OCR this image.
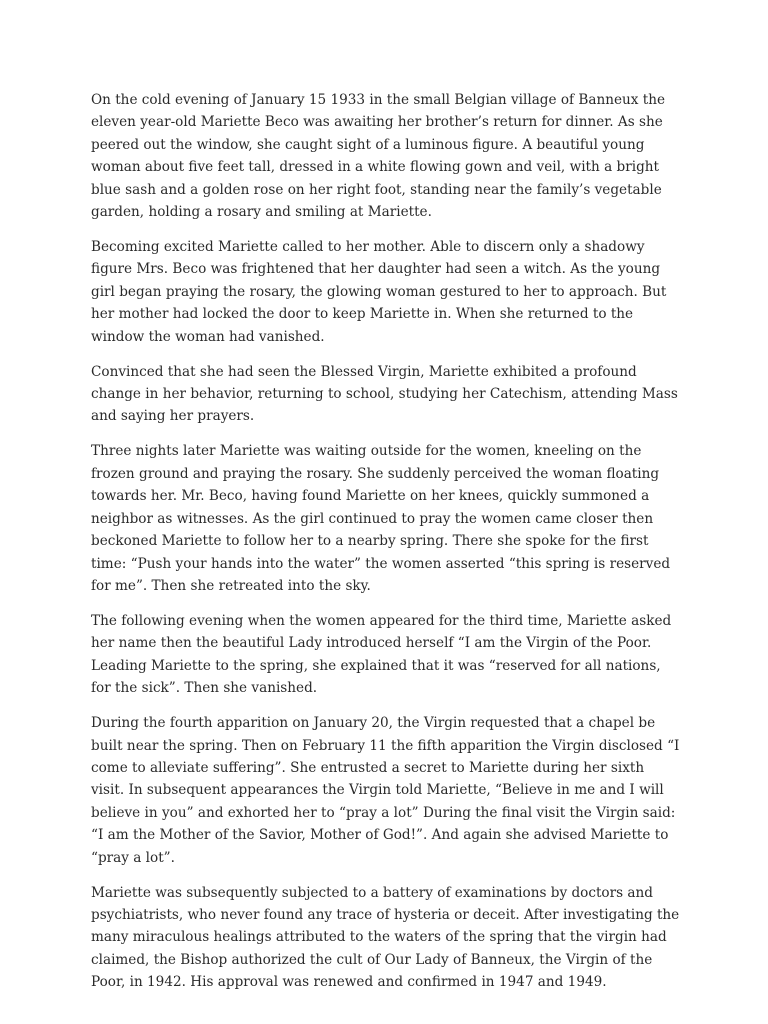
On the cold evening of January 15 1933 in the small Belgian village of Banneux the eleven year-old Mariette Beco was awaiting her brother’s return for dinner. As she peered out the window, she caught sight of a luminous figure. A beautiful young woman about five feet tall, dressed in a white flowing gown and veil, with a bright blue sash and a golden rose on her right foot, standing near the family’s vegetable garden, holding a rosary and smiling at Mariette.

Becoming excited Mariette called to her mother. Able to discern only a shadowy figure Mrs. Beco was frightened that her daughter had seen a witch. As the young girl began praying the rosary, the glowing woman gestured to her to approach. But her mother had locked the door to keep Mariette in. When she returned to the window the woman had vanished.

Convinced that she had seen the Blessed Virgin, Mariette exhibited a profound change in her behavior, returning to school, studying her Catechism, attending Mass and saying her prayers.

Three nights later Mariette was waiting outside for the women, kneeling on the frozen ground and praying the rosary. She suddenly perceived the woman floating towards her. Mr. Beco, having found Mariette on her knees, quickly summoned a neighbor as witnesses. As the girl continued to pray the women came closer then beckoned Mariette to follow her to a nearby spring. There she spoke for the first time: “Push your hands into the water” the women asserted “this spring is reserved for me”. Then she retreated into the sky.

The following evening when the women appeared for the third time, Mariette asked her name then the beautiful Lady introduced herself “I am the Virgin of the Poor. Leading Mariette to the spring, she explained that it was “reserved for all nations, for the sick”. Then she vanished.

During the fourth apparition on January 20, the Virgin requested that a chapel be built near the spring. Then on February 11 the fifth apparition the Virgin disclosed “I come to alleviate suffering”. She entrusted a secret to Mariette during her sixth visit. In subsequent appearances the Virgin told Mariette, “Believe in me and I will believe in you” and exhorted her to “pray a lot” During the final visit the Virgin said: “I am the Mother of the Savior, Mother of God!”. And again she advised Mariette to “pray a lot”.

Mariette was subsequently subjected to a battery of examinations by doctors and psychiatrists, who never found any trace of hysteria or deceit. After investigating the many miraculous healings attributed to the waters of the spring that the virgin had claimed, the Bishop authorized the cult of Our Lady of Banneux, the Virgin of the Poor, in 1942. His approval was renewed and confirmed in 1947 and 1949.
